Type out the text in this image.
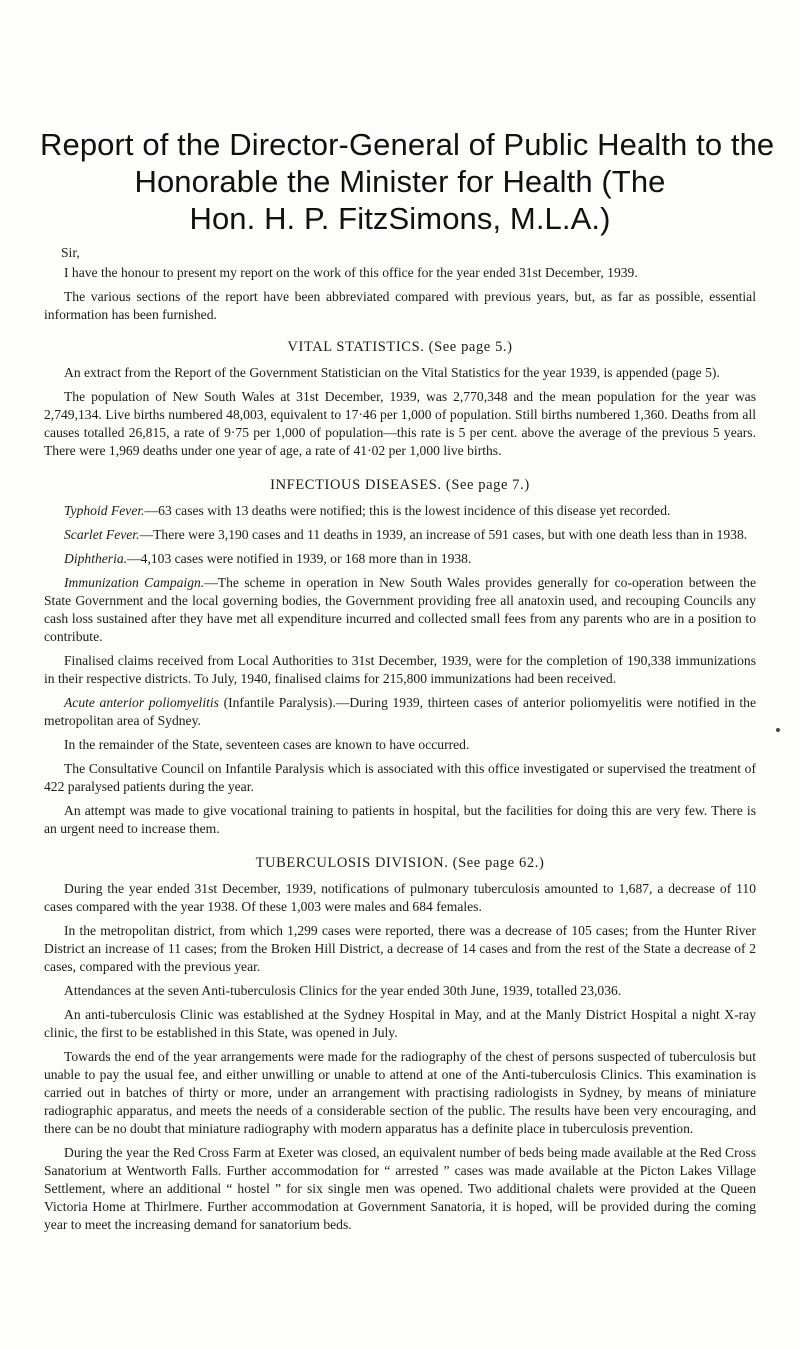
Report of the Director-General of Public Health to the
Honorable the Minister for Health (The
Hon. H. P. FitzSimons, M.L.A.)
Sir,

I have the honour to present my report on the work of this office for the year ended 31st December, 1939.

The various sections of the report have been abbreviated compared with previous years, but, as far as possible, essential information has been furnished.

VITAL STATISTICS. (See page 5.)

An extract from the Report of the Government Statistician on the Vital Statistics for the year 1939, is appended (page 5).

The population of New South Wales at 31st December, 1939, was 2,770,348 and the mean population for the year was 2,749,134. Live births numbered 48,003, equivalent to 17·46 per 1,000 of population. Still births numbered 1,360. Deaths from all causes totalled 26,815, a rate of 9·75 per 1,000 of population—this rate is 5 per cent. above the average of the previous 5 years. There were 1,969 deaths under one year of age, a rate of 41·02 per 1,000 live births.

INFECTIOUS DISEASES. (See page 7.)

Typhoid Fever.—63 cases with 13 deaths were notified; this is the lowest incidence of this disease yet recorded.

Scarlet Fever.—There were 3,190 cases and 11 deaths in 1939, an increase of 591 cases, but with one death less than in 1938.

Diphtheria.—4,103 cases were notified in 1939, or 168 more than in 1938.

Immunization Campaign.—The scheme in operation in New South Wales provides generally for co-operation between the State Government and the local governing bodies, the Government providing free all anatoxin used, and recouping Councils any cash loss sustained after they have met all expenditure incurred and collected small fees from any parents who are in a position to contribute.

Finalised claims received from Local Authorities to 31st December, 1939, were for the completion of 190,338 immunizations in their respective districts. To July, 1940, finalised claims for 215,800 immunizations had been received.

Acute anterior poliomyelitis (Infantile Paralysis).—During 1939, thirteen cases of anterior poliomyelitis were notified in the metropolitan area of Sydney.

In the remainder of the State, seventeen cases are known to have occurred.

The Consultative Council on Infantile Paralysis which is associated with this office investigated or supervised the treatment of 422 paralysed patients during the year.

An attempt was made to give vocational training to patients in hospital, but the facilities for doing this are very few. There is an urgent need to increase them.

TUBERCULOSIS DIVISION. (See page 62.)

During the year ended 31st December, 1939, notifications of pulmonary tuberculosis amounted to 1,687, a decrease of 110 cases compared with the year 1938. Of these 1,003 were males and 684 females.

In the metropolitan district, from which 1,299 cases were reported, there was a decrease of 105 cases; from the Hunter River District an increase of 11 cases; from the Broken Hill District, a decrease of 14 cases and from the rest of the State a decrease of 2 cases, compared with the previous year.

Attendances at the seven Anti-tuberculosis Clinics for the year ended 30th June, 1939, totalled 23,036.

An anti-tuberculosis Clinic was established at the Sydney Hospital in May, and at the Manly District Hospital a night X-ray clinic, the first to be established in this State, was opened in July.

Towards the end of the year arrangements were made for the radiography of the chest of persons suspected of tuberculosis but unable to pay the usual fee, and either unwilling or unable to attend at one of the Anti-tuberculosis Clinics. This examination is carried out in batches of thirty or more, under an arrangement with practising radiologists in Sydney, by means of miniature radiographic apparatus, and meets the needs of a considerable section of the public. The results have been very encouraging, and there can be no doubt that miniature radiography with modern apparatus has a definite place in tuberculosis prevention.

During the year the Red Cross Farm at Exeter was closed, an equivalent number of beds being made available at the Red Cross Sanatorium at Wentworth Falls. Further accommodation for “ arrested ” cases was made available at the Picton Lakes Village Settlement, where an additional “ hostel ” for six single men was opened. Two additional chalets were provided at the Queen Victoria Home at Thirlmere. Further accommodation at Government Sanatoria, it is hoped, will be provided during the coming year to meet the increasing demand for sanatorium beds.
